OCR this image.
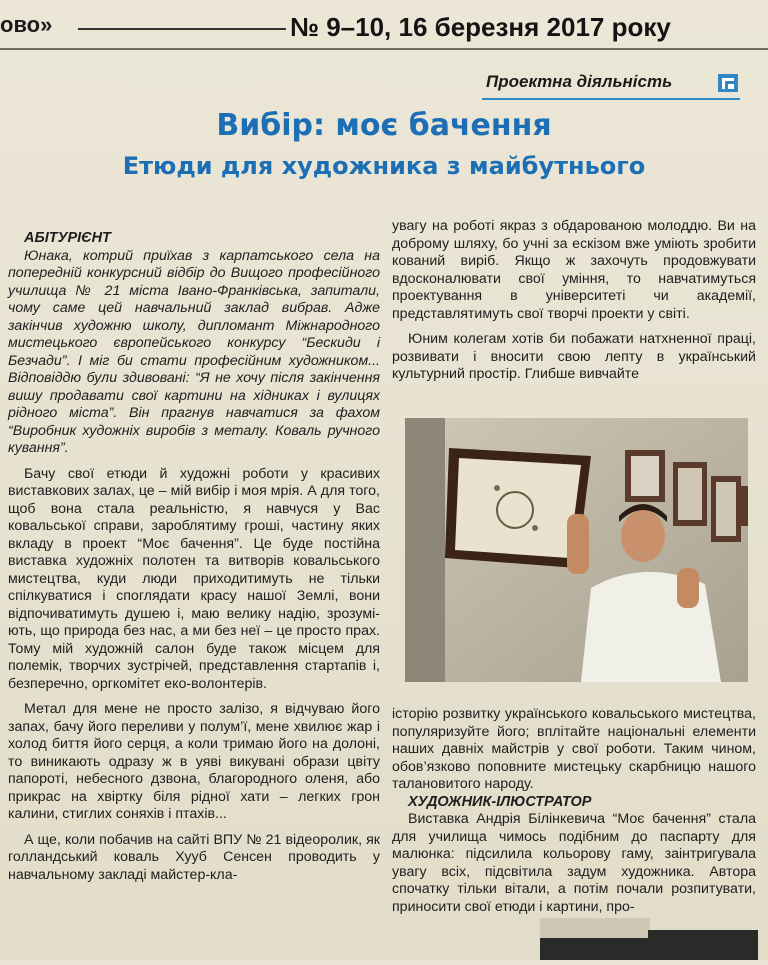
ово»	№ 9–10, 16 березня 2017 року

Проектна діяльність
Вибір: моє бачення
Етюди для художника з майбутнього

АБІТУРІЄНТ

Юнака, котрий приїхав з карпатського села на попередній конкурсний відбір до Вищого професійного училища № 21 міста Івано-Франківська, запитали, чому саме цей навчальний заклад вибрав. Адже закінчив художню школу, дипломант Міжнародного мистецького європейського конкурсу “Бескиди і Безчади”. І міг би стати професійним художником... Відповіддю були здивовані: “Я не хочу після закінчення вишу продавати свої картини на хідниках і вулицях рідного міста”. Він прагнув навчатися за фахом “Виробник художніх виробів з металу. Коваль ручного кування”.

Бачу свої етюди й художні роботи у красивих виставкових залах, це – мій вибір і моя мрія. А для того, щоб вона стала реальністю, я навчуся у Вас ковальської справи, зароблятиму гроші, частину яких вкладу в проект “Моє бачення”. Це буде постійна виставка художніх полотен та витворів ковальського мистецтва, куди люди приходитимуть не тільки спілкуватися і споглядати красу нашої Землі, вони відпочиватимуть душею і, маю велику надію, зрозумі-ють, що природа без нас, а ми без неї – це просто прах. Тому мій художній салон буде також місцем для полемік, творчих зустрічей, представлення стартапів і, безперечно, оргкомітет еко-волонтерів.

Метал для мене не просто залізо, я відчуваю його запах, бачу його переливи у полум’ї, мене хвилює жар і холод биття його серця, а коли тримаю його на долоні, то виникають одразу ж в уяві викувані образи цвіту папороті, небесного дзвона, благородного оленя, або прикрас на хвіртку біля рідної хати – легких грон калини, стиглих соняхів і птахів...

А ще, коли побачив на сайті ВПУ № 21 відеоролик, як голландський коваль Хууб Сенсен проводить у навчальному закладі майстер-кла-

увагу на роботі якраз з обдарованою молоддю. Ви на доброму шляху, бо учні за ескізом вже уміють зробити кований виріб. Якщо ж захочуть продовжувати вдосконалювати свої уміння, то навчатимуться проектування в університеті чи академії, представлятимуть свої творчі проекти у світі.

Юним колегам хотів би побажати натхненної праці, розвивати і вносити свою лепту в український культурний простір. Глибше вивчайте

історію розвитку українського ковальського мистецтва, популяризуйте його; вплітайте національні елементи наших давніх майстрів у свої роботи. Таким чином, обов’язково поповните мистецьку скарбницю нашого талановитого народу.

ХУДОЖНИК-ІЛЮСТРАТОР

Виставка Андрія Білінкевича “Моє бачення” стала для училища чимось подібним до паспарту для малюнка: підсилила кольорову гаму, заінтригувала увагу всіх, підсвітила задум художника. Автора спочатку тільки вітали, а потім почали розпитувати, приносити свої етюди і картини, про-
